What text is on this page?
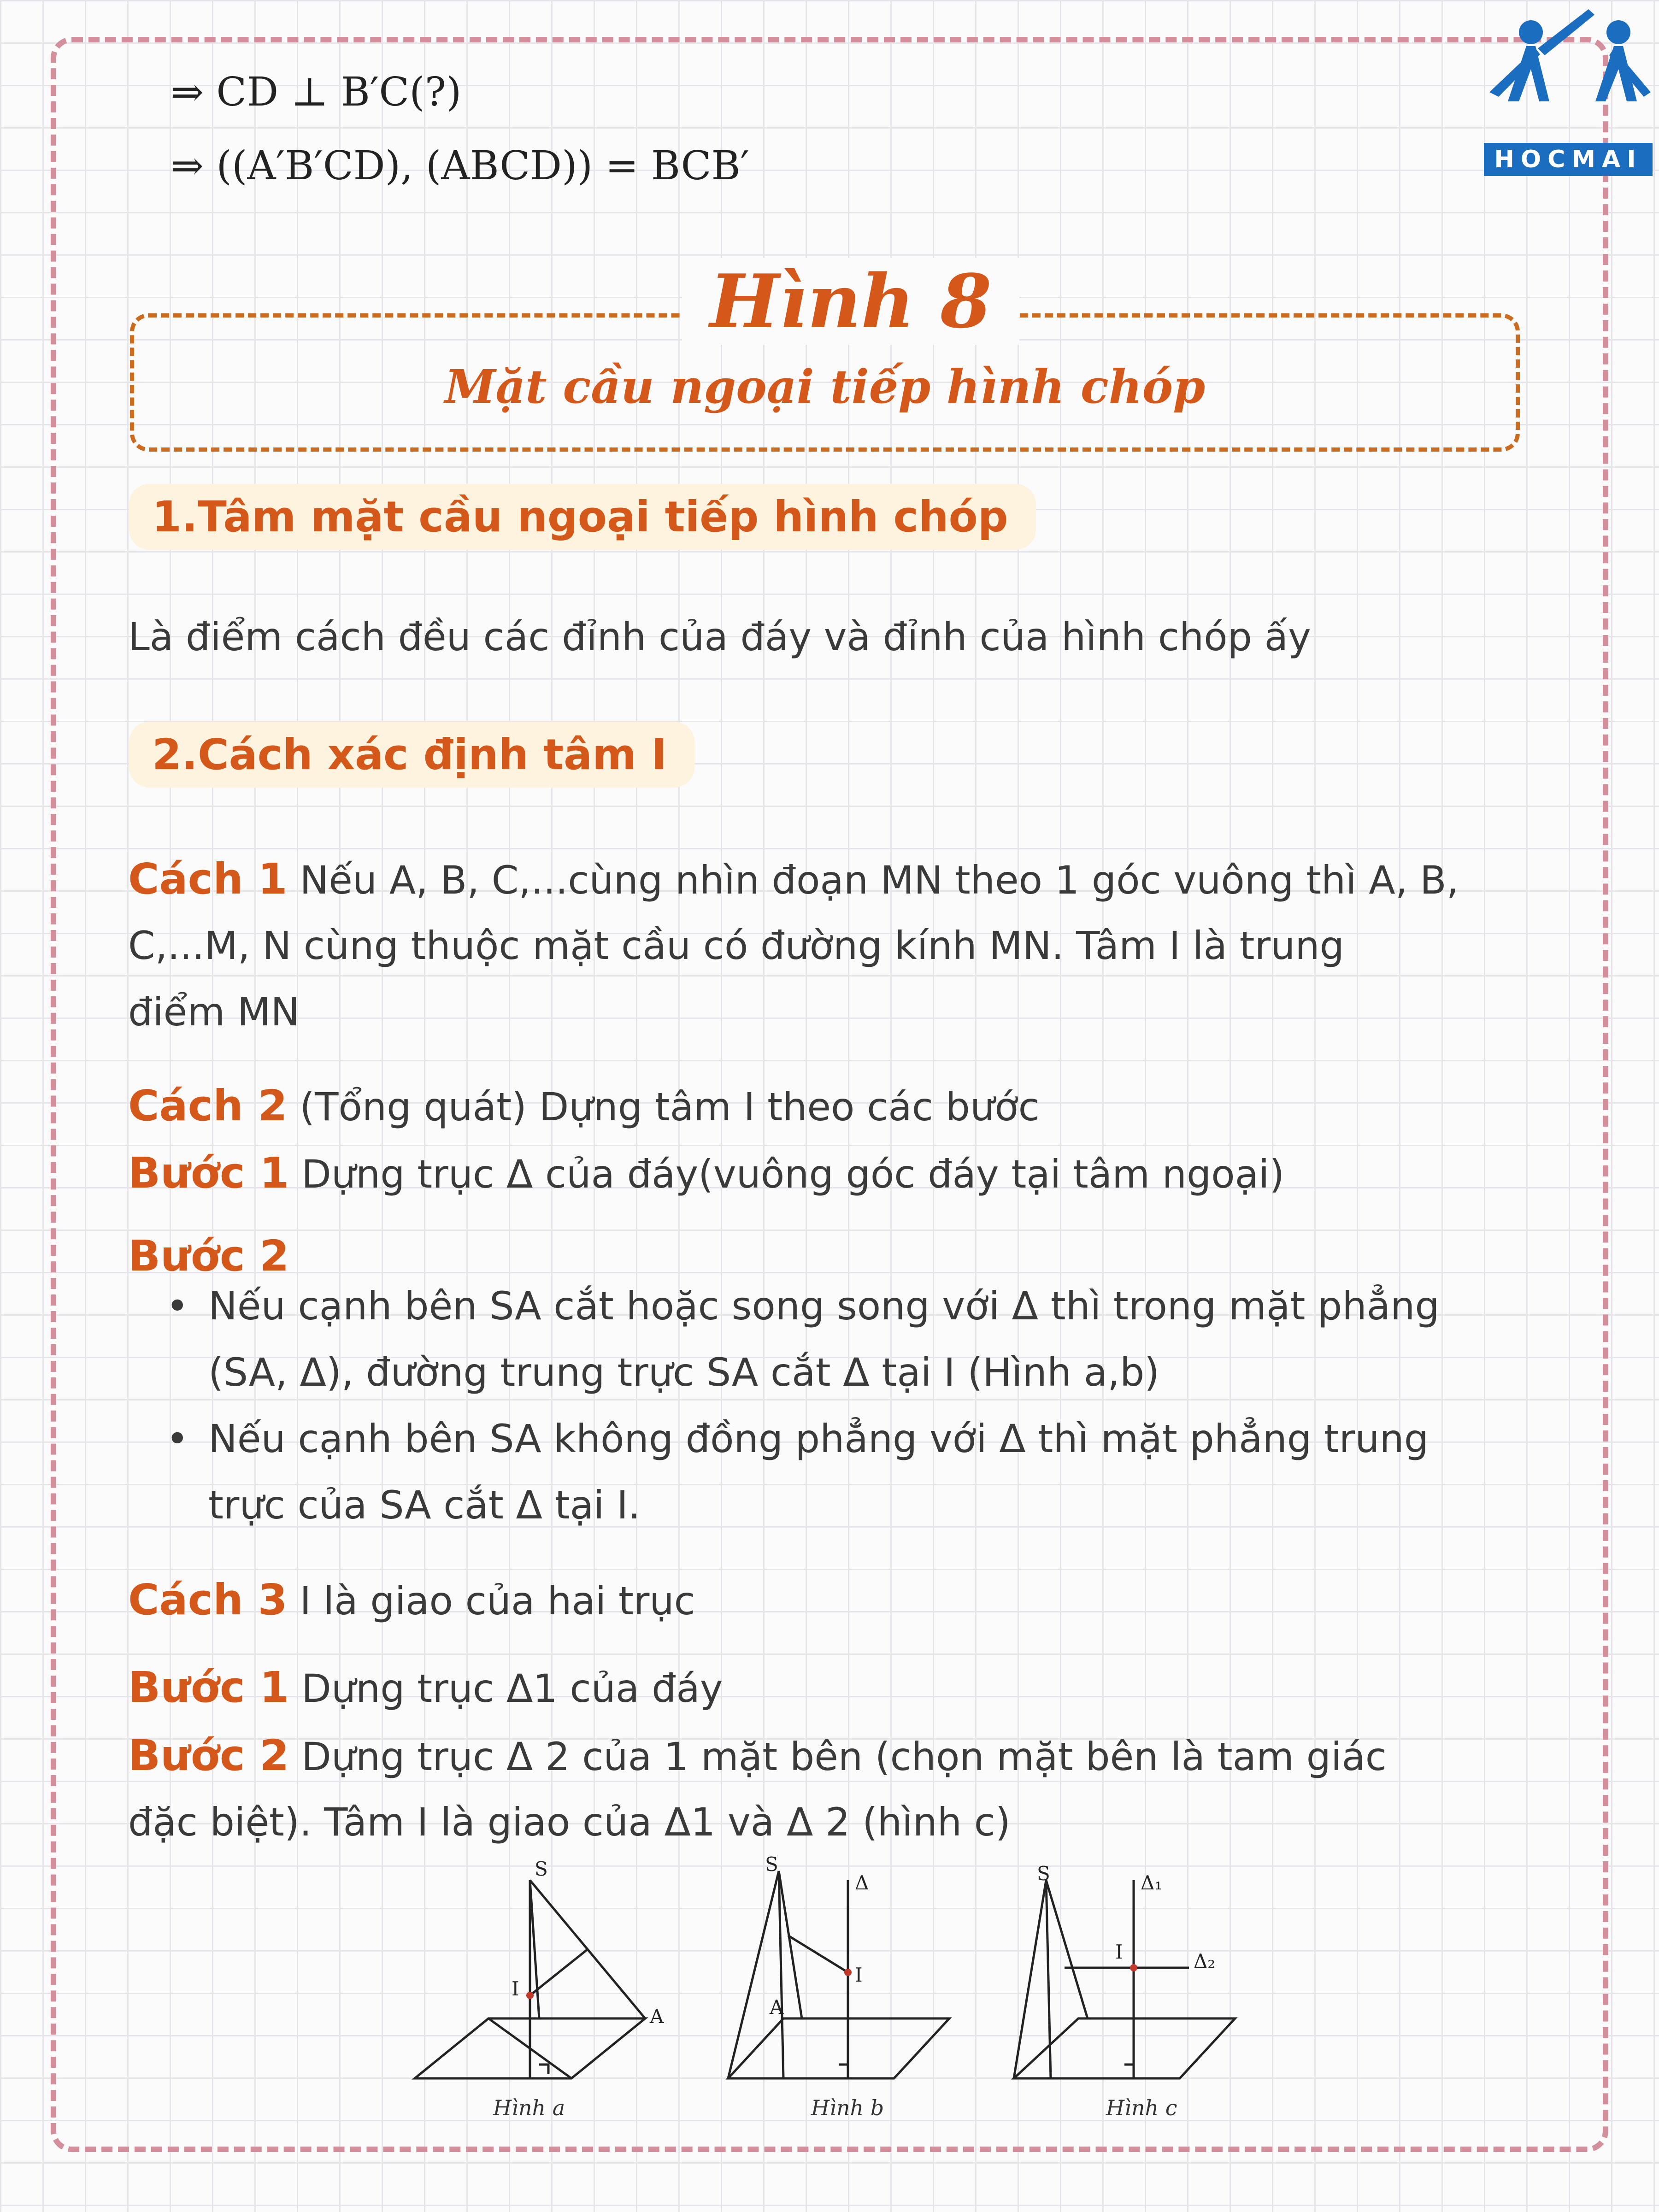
HOCMAI
⇒ CD ⊥ B′C(?)
⇒ ((A′B′CD), (ABCD)) = BCB′
Hình 8
Mặt cầu ngoại tiếp hình chóp
1.Tâm mặt cầu ngoại tiếp hình chóp
Là điểm cách đều các đỉnh của đáy và đỉnh của hình chóp ấy
2.Cách xác định tâm I
Cách 1 Nếu A, B, C,...cùng nhìn đoạn MN theo 1 góc vuông thì A, B,
C,...M, N cùng thuộc mặt cầu có đường kính MN. Tâm I là trung
điểm MN
Cách 2 (Tổng quát) Dựng tâm I theo các bước
Bước 1 Dựng trục Δ của đáy(vuông góc đáy tại tâm ngoại)
Bước 2
• Nếu cạnh bên SA cắt hoặc song song với Δ thì trong mặt phẳng
(SA, Δ), đường trung trực SA cắt Δ tại I (Hình a,b)
• Nếu cạnh bên SA không đồng phẳng với Δ thì mặt phẳng trung
trực của SA cắt Δ tại I.
Cách 3 I là giao của hai trục
Bước 1 Dựng trục Δ1 của đáy
Bước 2 Dựng trục Δ 2 của 1 mặt bên (chọn mặt bên là tam giác
đặc biệt). Tâm I là giao của Δ1 và Δ 2 (hình c)
S
I
A
Hình a
S
Δ
I
A
Hình b
S	Δ₁
Δ₂
I
Hình c
